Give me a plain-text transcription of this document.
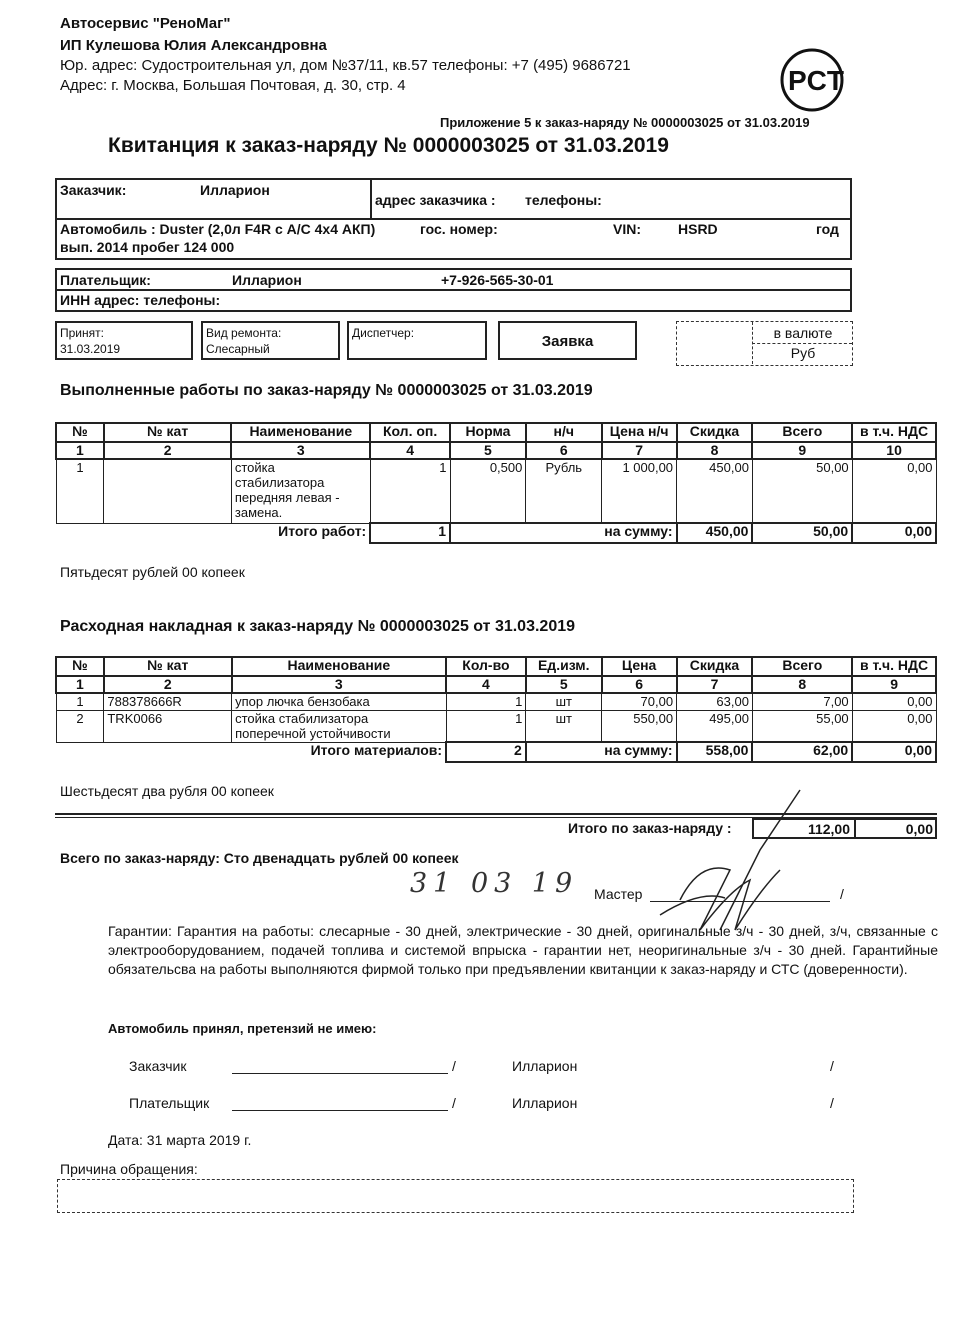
Автосервис "РеноМаг"
ИП Кулешова Юлия Александровна
Юр. адрес: Судостроительная ул, дом №37/11, кв.57 телефоны: +7 (495) 9686721
Адрес: г. Москва, Большая Почтовая, д. 30, стр. 4	PCT
Приложение 5 к заказ-наряду № 0000003025 от 31.03.2019
Квитанция к заказ-наряду № 0000003025 от 31.03.2019
Заказчик:	Илларион
адрес заказчика : телефоны:
Автомобиль : Duster (2,0л F4R с A/C 4x4 АКП)	гос. номер:	VIN:	HSRD	год
вып. 2014 пробег 124 000
Плательщик:	Илларион	+7-926-565-30-01
ИНН адрес: телефоны:
Принят:
31.03.2019
Вид ремонта:
Слесарный
Диспетчер:	Заявка	в валюте
Руб
Выполненные работы по заказ-наряду № 0000003025 от 31.03.2019
№	№ кат	Наименование	Кол. оп.	Норма	н/ч	Цена н/ч	Скидка	Всего	в т.ч. НДС
1	2	3	4	5	6	7	8	9	10
1		стойка стабилизатора передняя левая - замена.	1	0,500	Рубль	1 000,00	450,00	50,00	0,00
Итого работ:			1	на сумму:			450,00	50,00	0,00
Пятьдесят рублей 00 копеек
Расходная накладная к заказ-наряду № 0000003025 от 31.03.2019
№	№ кат	Наименование	Кол-во	Ед.изм.	Цена	Скидка	Всего	в т.ч. НДС
1	2	3	4	5	6	7	8	9
1	788378666R	упор лючка бензобака	1	шт	70,00	63,00	7,00	0,00
2	TRK0066	стойка стабилизатора поперечной устойчивости	1	шт	550,00	495,00	55,00	0,00
Итого материалов:			2	на сумму:		558,00	62,00	0,00
Шестьдесят два рубля 00 копеек
Итого по заказ-наряду :	112,00	0,00
Всего по заказ-наряду: Сто двенадцать рублей 00 копеек
31 03 19 Мастер	/
Гарантии: Гарантия на работы: слесарные - 30 дней, электрические - 30 дней, оригинальные з/ч - 30 дней, з/ч, связанные с электрооборудованием, подачей топлива и системой впрыска - гарантии нет, неоригинальные з/ч - 30 дней. Гарантийные обязательсва на работы выполняются фирмой только при предъявлении квитанции к заказ-наряду и СТС (доверенности).
Автомобиль принял, претензий не имею:
Заказчик	/	Илларион	/
Плательщик	/	Илларион	/
Дата: 31 марта 2019 г.
Причина обращения:
